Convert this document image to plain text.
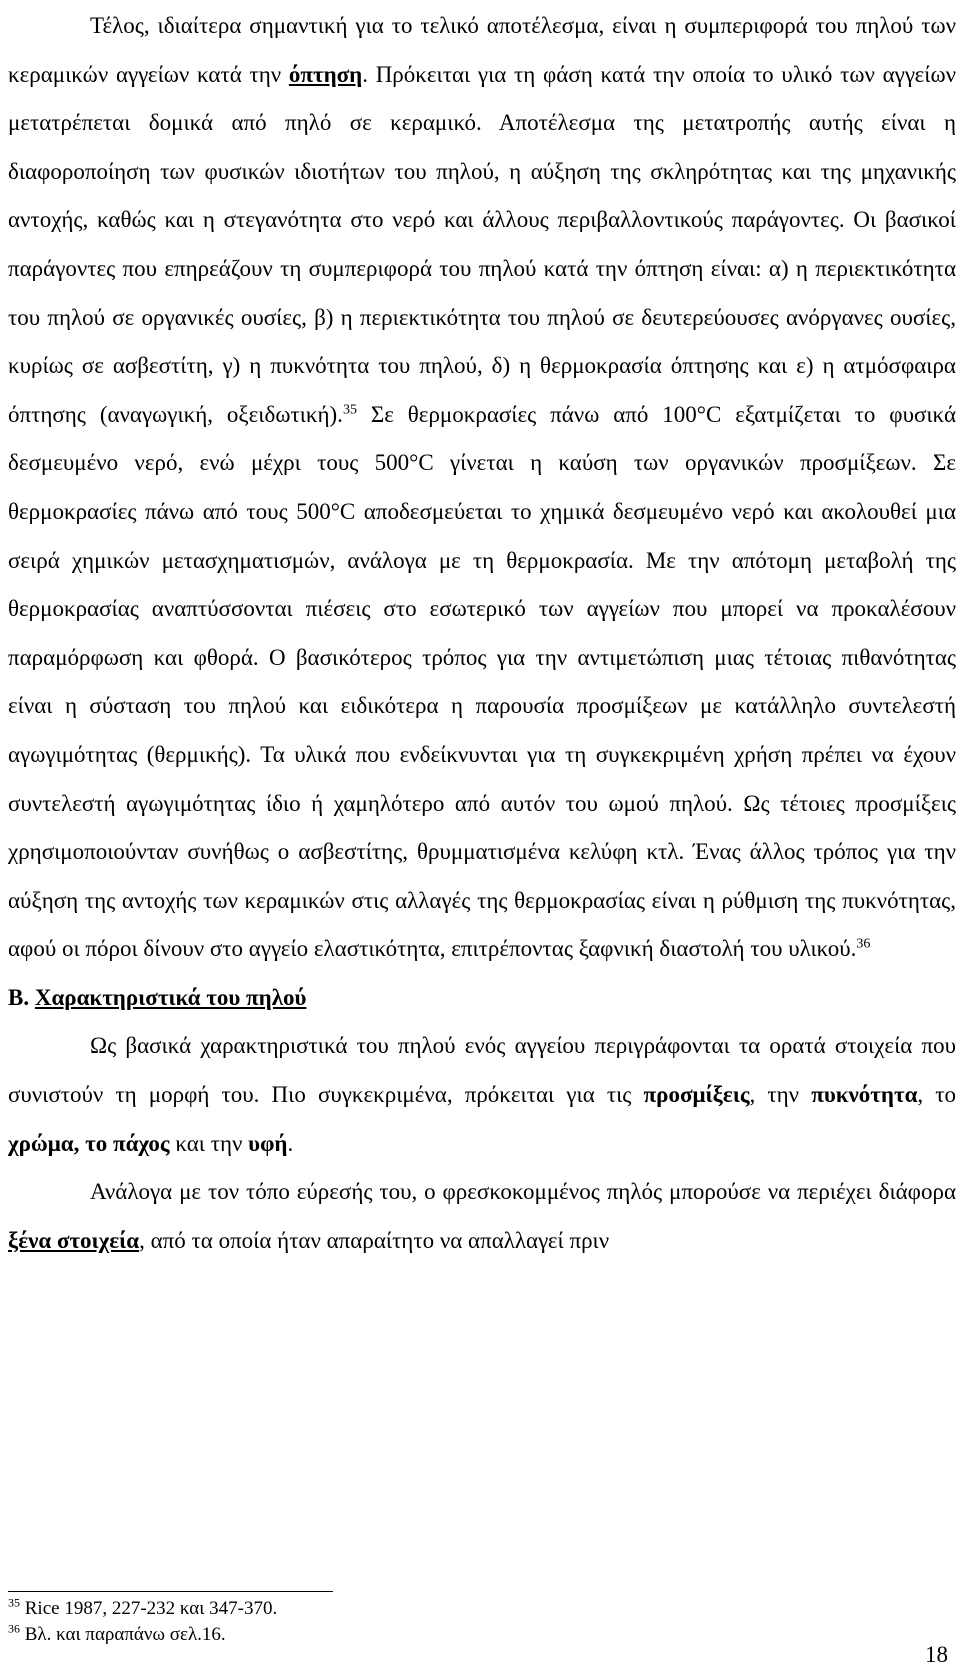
Τέλος, ιδιαίτερα σημαντική για το τελικό αποτέλεσμα, είναι η συμπεριφορά του πηλού των κεραμικών αγγείων κατά την όπτηση. Πρόκειται για τη φάση κατά την οποία το υλικό των αγγείων μετατρέπεται δομικά από πηλό σε κεραμικό. Αποτέλεσμα της μετατροπής αυτής είναι η διαφοροποίηση των φυσικών ιδιοτήτων του πηλού, η αύξηση της σκληρότητας και της μηχανικής αντοχής, καθώς και η στεγανότητα στο νερό και άλλους περιβαλλοντικούς παράγοντες. Οι βασικοί παράγοντες που επηρεάζουν τη συμπεριφορά του πηλού κατά την όπτηση είναι: α) η περιεκτικότητα του πηλού σε οργανικές ουσίες, β) η περιεκτικότητα του πηλού σε δευτερεύουσες ανόργανες ουσίες, κυρίως σε ασβεστίτη, γ) η πυκνότητα του πηλού, δ) η θερμοκρασία όπτησης και ε) η ατμόσφαιρα όπτησης (αναγωγική, οξειδωτική).$^{35}$ Σε θερμοκρασίες πάνω από 100°C εξατμίζεται το φυσικά δεσμευμένο νερό, ενώ μέχρι τους 500°C γίνεται η καύση των οργανικών προσμίξεων. Σε θερμοκρασίες πάνω από τους 500°C αποδεσμεύεται το χημικά δεσμευμένο νερό και ακολουθεί μια σειρά χημικών μετασχηματισμών, ανάλογα με τη θερμοκρασία. Με την απότομη μεταβολή της θερμοκρασίας αναπτύσσονται πιέσεις στο εσωτερικό των αγγείων που μπορεί να προκαλέσουν παραμόρφωση και φθορά. Ο βασικότερος τρόπος για την αντιμετώπιση μιας τέτοιας πιθανότητας είναι η σύσταση του πηλού και ειδικότερα η παρουσία προσμίξεων με κατάλληλο συντελεστή αγωγιμότητας (θερμικής). Τα υλικά που ενδείκνυνται για τη συγκεκριμένη χρήση πρέπει να έχουν συντελεστή αγωγιμότητας ίδιο ή χαμηλότερο από αυτόν του ωμού πηλού. Ως τέτοιες προσμίξεις χρησιμοποιούνταν συνήθως ο ασβεστίτης, θρυμματισμένα κελύφη κτλ. Ένας άλλος τρόπος για την αύξηση της αντοχής των κεραμικών στις αλλαγές της θερμοκρασίας είναι η ρύθμιση της πυκνότητας, αφού οι πόροι δίνουν στο αγγείο ελαστικότητα, επιτρέποντας ξαφνική διαστολή του υλικού.$^{36}$

Β. Χαρακτηριστικά του πηλού

Ως βασικά χαρακτηριστικά του πηλού ενός αγγείου περιγράφονται τα ορατά στοιχεία που συνιστούν τη μορφή του. Πιο συγκεκριμένα, πρόκειται για τις προσμίξεις, την πυκνότητα, το χρώμα, το πάχος και την υφή.

Ανάλογα με τον τόπο εύρεσής του, ο φρεσκοκομμένος πηλός μπορούσε να περιέχει διάφορα ξένα στοιχεία, από τα οποία ήταν απαραίτητο να απαλλαγεί πριν

$^{35}$ Rice 1987, 227-232 και 347-370.
$^{36}$ Βλ. και παραπάνω σελ.16.
18
